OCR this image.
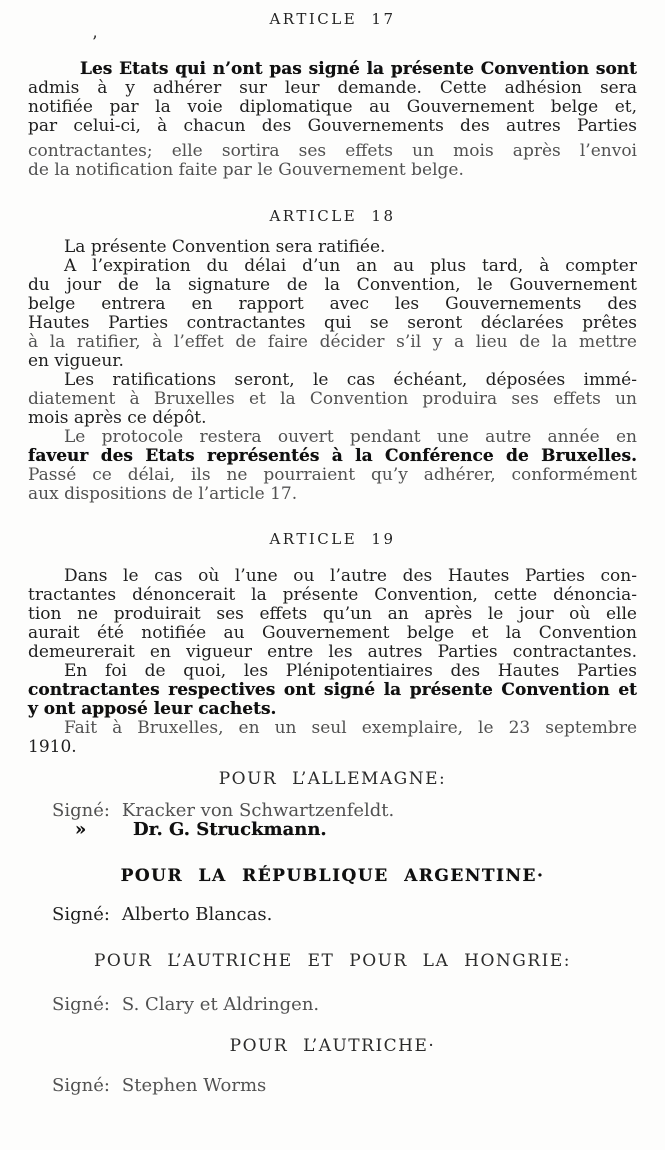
’
ARTICLE 17
Les Etats qui n’ont pas signé la présente Convention sont
admis à y adhérer sur leur demande. Cette adhésion sera
notifiée par la voie diplomatique au Gouvernement belge et,
par celui-ci, à chacun des Gouvernements des autres Parties
contractantes; elle sortira ses effets un mois après l’envoi
de la notification faite par le Gouvernement belge.
ARTICLE 18
La présente Convention sera ratifiée.
A l’expiration du délai d’un an au plus tard, à compter
du jour de la signature de la Convention, le Gouvernement
belge entrera en rapport avec les Gouvernements des
Hautes Parties contractantes qui se seront déclarées prêtes
à la ratifier, à l’effet de faire décider s’il y a lieu de la mettre
en vigueur.
Les ratifications seront, le cas échéant, déposées immé-
diatement à Bruxelles et la Convention produira ses effets un
mois après ce dépôt.
Le protocole restera ouvert pendant une autre année en
faveur des Etats représentés à la Conférence de Bruxelles.
Passé ce délai, ils ne pourraient qu’y adhérer, conformément
aux dispositions de l’article 17.
ARTICLE 19
Dans le cas où l’une ou l’autre des Hautes Parties con-
tractantes dénoncerait la présente Convention, cette dénoncia-
tion ne produirait ses effets qu’un an après le jour où elle
aurait été notifiée au Gouvernement belge et la Convention
demeurerait en vigueur entre les autres Parties contractantes.
En foi de quoi, les Plénipotentiaires des Hautes Parties
contractantes respectives ont signé la présente Convention et
y ont apposé leur cachets.
Fait à Bruxelles, en un seul exemplaire, le 23 septembre
1910.
POUR L’ALLEMAGNE:
Signé: Kracker von Schwartzenfeldt.
»	Dr. G. Struckmann.
POUR LA RÉPUBLIQUE ARGENTINE·
Signé: Alberto Blancas.
POUR L’AUTRICHE ET POUR LA HONGRIE:
Signé: S. Clary et Aldringen.
POUR L’AUTRICHE·
Signé: Stephen Worms
